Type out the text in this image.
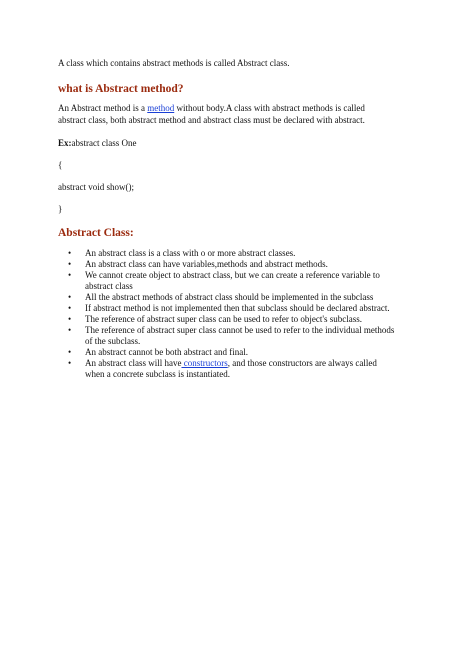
A class which contains abstract methods is called Abstract class.

what is Abstract method?

An Abstract method is a method without body.A class with abstract methods is called

abstract class, both abstract method and abstract class must be declared with abstract.

Ex:abstract class One

{

abstract void show();

}

Abstract Class:

• An abstract class is a class with o or more abstract classes.
• An abstract class can have variables,methods and abstract methods.
• We cannot create object to abstract class, but we can create a reference variable to
abstract class
• All the abstract methods of abstract class should be implemented in the subclass
• If abstract method is not implemented then that subclass should be declared abstract.
• The reference of abstract super class can be used to refer to object's subclass.
• The reference of abstract super class cannot be used to refer to the individual methods
of the subclass.
• An abstract cannot be both abstract and final.
• An abstract class will have constructors, and those constructors are always called
when a concrete subclass is instantiated.
